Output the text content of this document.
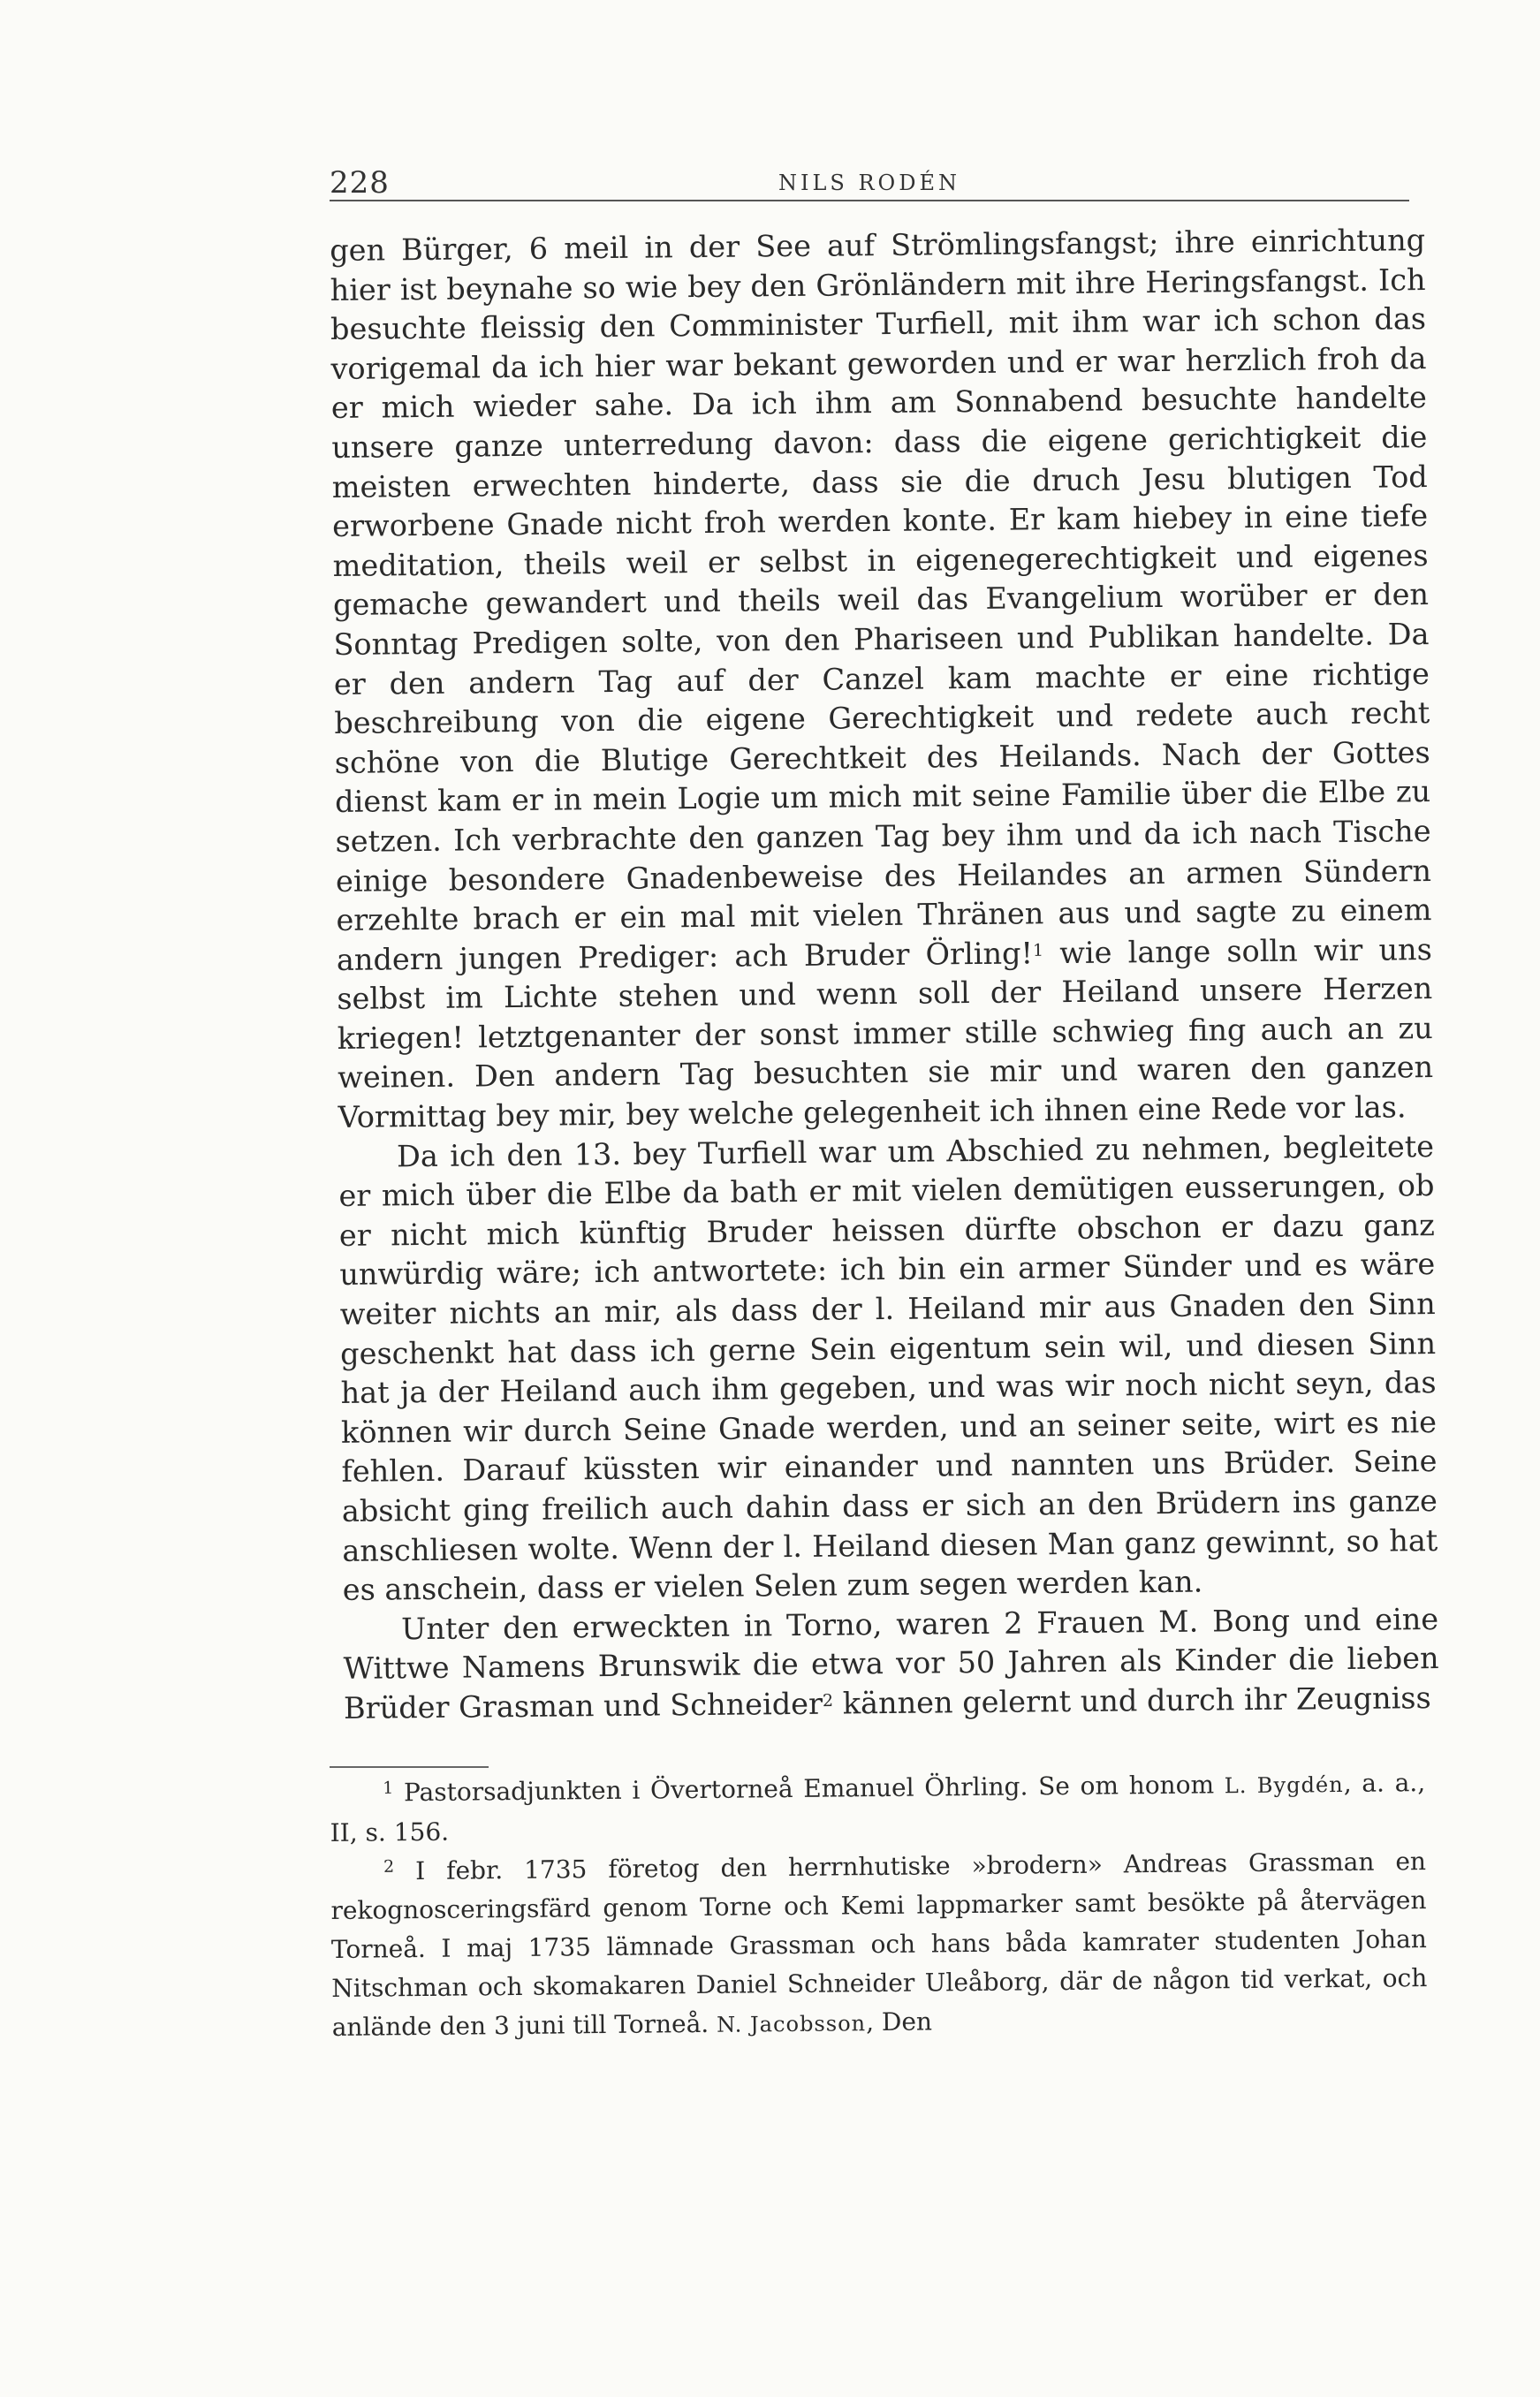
228	NILS RODÉN

gen Bürger, 6 meil in der See auf Strömlingsfangst; ihre einrichtung hier ist beynahe so wie bey den Grönländern mit ihre Heringsfangst. Ich besuchte fleissig den Comminister Turfiell, mit ihm war ich schon das vorigemal da ich hier war bekant geworden und er war herzlich froh da er mich wieder sahe. Da ich ihm am Sonnabend besuchte handelte unsere ganze unterredung davon: dass die eigene gerichtigkeit die meisten erwechten hinderte, dass sie die druch Jesu blutigen Tod erworbene Gnade nicht froh werden konte. Er kam hiebey in eine tiefe meditation, theils weil er selbst in eigenegerechtigkeit und eigenes gemache gewandert und theils weil das Evangelium worüber er den Sonntag Predigen solte, von den Phariseen und Publikan handelte. Da er den andern Tag auf der Canzel kam machte er eine richtige beschreibung von die eigene Gerechtigkeit und redete auch recht schöne von die Blutige Gerechtkeit des Heilands. Nach der Gottes dienst kam er in mein Logie um mich mit seine Familie über die Elbe zu setzen. Ich verbrachte den ganzen Tag bey ihm und da ich nach Tische einige besondere Gnadenbeweise des Heilandes an armen Sündern erzehlte brach er ein mal mit vielen Thränen aus und sagte zu einem andern jungen Prediger: ach Bruder Örling!$^1$ wie lange solln wir uns selbst im Lichte stehen und wenn soll der Heiland unsere Herzen kriegen! letztgenanter der sonst immer stille schwieg fing auch an zu weinen. Den andern Tag besuchten sie mir und waren den ganzen Vormittag bey mir, bey welche gelegenheit ich ihnen eine Rede vor las.

Da ich den 13. bey Turfiell war um Abschied zu nehmen, begleitete er mich über die Elbe da bath er mit vielen demütigen eusserungen, ob er nicht mich künftig Bruder heissen dürfte obschon er dazu ganz unwürdig wäre; ich antwortete: ich bin ein armer Sünder und es wäre weiter nichts an mir, als dass der l. Heiland mir aus Gnaden den Sinn geschenkt hat dass ich gerne Sein eigentum sein wil, und diesen Sinn hat ja der Heiland auch ihm gegeben, und was wir noch nicht seyn, das können wir durch Seine Gnade werden, und an seiner seite, wirt es nie fehlen. Darauf küssten wir einander und nannten uns Brüder. Seine absicht ging freilich auch dahin dass er sich an den Brüdern ins ganze anschliesen wolte. Wenn der l. Heiland diesen Man ganz gewinnt, so hat es anschein, dass er vielen Selen zum segen werden kan.

Unter den erweckten in Torno, waren 2 Frauen M. Bong und eine Wittwe Namens Brunswik die etwa vor 50 Jahren als Kinder die lieben Brüder Grasman und Schneider$^2$ kännen gelernt und durch ihr Zeugniss

$^1$ Pastorsadjunkten i Övertorneå Emanuel Öhrling. Se om honom L. Bygdén, a. a., II, s. 156.

$^2$ I febr. 1735 företog den herrnhutiske »brodern» Andreas Grassman en rekognosceringsfärd genom Torne och Kemi lappmarker samt besökte på återvägen Torneå. I maj 1735 lämnade Grassman och hans båda kamrater studenten Johan Nitschman och skomakaren Daniel Schneider Uleåborg, där de någon tid verkat, och anlände den 3 juni till Torneå. N. Jacobsson, Den
